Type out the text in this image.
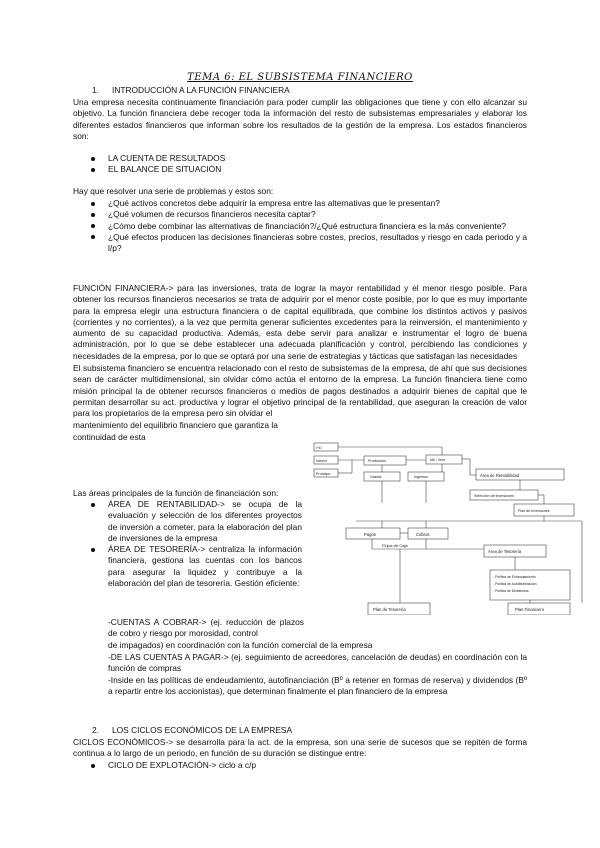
TEMA 6: EL SUBSISTEMA FINANCIERO
1. INTRODUCCIÓN A LA FUNCIÓN FINANCIERA

Una empresa necesita continuamente financiación para poder cumplir las obligaciones que tiene y con ello alcanzar su objetivo. La función financiera debe recoger toda la información del resto de subsistemas empresariales y elaborar los diferentes estados financieros que informan sobre los resultados de la gestión de la empresa. Los estados financieros son:

LA CUENTA DE RESULTADOS
EL BALANCE DE SITUACIÓN

Hay que resolver una serie de problemas y estos son:

¿Qué activos concretos debe adquirir la empresa entre las alternativas que le presentan?
¿Qué volumen de recursos financieros necesita captar?
¿Cómo debe combinar las alternativas de financiación?/¿Qué estructura financiera es la más conveniente?
¿Qué efectos producen las decisiones financieras sobre costes, precios, resultados y riesgo en cada periodo y a l/p?

FUNCIÓN FINANCIERA-> para las inversiones, trata de lograr la mayor rentabilidad y el menor riesgo posible. Para obtener los recursos financieros necesarios se trata de adquirir por el menor coste posible, por lo que es muy importante para la empresa elegir una estructura financiera o de capital equilibrada, que combine los distintos activos y pasivos (corrientes y no corrientes), a la vez que permita generar suficientes excedentes para la reinversión, el mantenimiento y aumento de su capacidad productiva. Además, esta debe servir para analizar e instrumentar el logro de buena administración, por lo que se debe establecer una adecuada planificación y control, percibiendo las condiciones y necesidades de la empresa, por lo que se optará por una serie de estrategias y tácticas que satisfagan las necesidades

El subsistema financiero se encuentra relacionado con el resto de subsistemas de la empresa, de ahí que sus decisiones sean de carácter multidimensional, sin olvidar cómo actúa el entorno de la empresa. La función financiera tiene como misión principal la de obtener recursos financieros o medios de pagos destinados a adquirir bienes de capital que le permitan desarrollar su act. productiva y lograr el objetivo principal de la rentabilidad, que aseguran la creación de valor para los propietarios de la empresa pero sin olvidar el

mantenimiento del equilibrio financiero que garantiza la

continuidad de esta

Las áreas principales de la función de financiación son:

ÁREA DE RENTABILIDAD-> se ocupa de la evaluación y selección de los diferentes proyectos de inversión a cometer, para la elaboración del plan de inversiones de la empresa
ÁREA DE TESORERÍA-> centraliza la información financiera, gestiona las cuentas con los bancos para asegurar la liquidez y contribuye a la elaboración del plan de tesorería. Gestión eficiente:

-CUENTAS A COBRAR-> (ej. reducción de plazos de cobro y riesgo por morosidad, control

de impagados) en coordinación con la función comercial de la empresa

-DE LAS CUENTAS A PAGAR-> (ej. seguimiento de acreedores, cancelación de deudas) en coordinación con la función de compras

-Inside en las políticas de endeudamiento, autofinanciación (Bº a retener en formas de reserva) y dividendos (Bº a repartir entre los accionistas), que determinan finalmente el plan financiero de la empresa

2. LOS CICLOS ECONÓMICOS DE LA EMPRESA

CICLOS ECONÓMICOS-> se desarrolla para la act. de la empresa, son una serie de sucesos que se repiten de forma continua a lo largo de un periodo, en función de su duración se distingue entre:

CICLO DE EXPLOTACIÓN-> ciclo a c/p
I+D
Interno
Prototipo
Producción	Mk / Vent
Gastos	Ingresos	Área de Rentabilidad
Selección de inversiones
Plan de Inversiones
Pagos	Cobros
Flujos de Caja
Área de Tesorería
- Política de Endeudamiento
- Política de Autofinanciación
- Política de Dividendos
Plan de Tesorería	Plan Financiero
